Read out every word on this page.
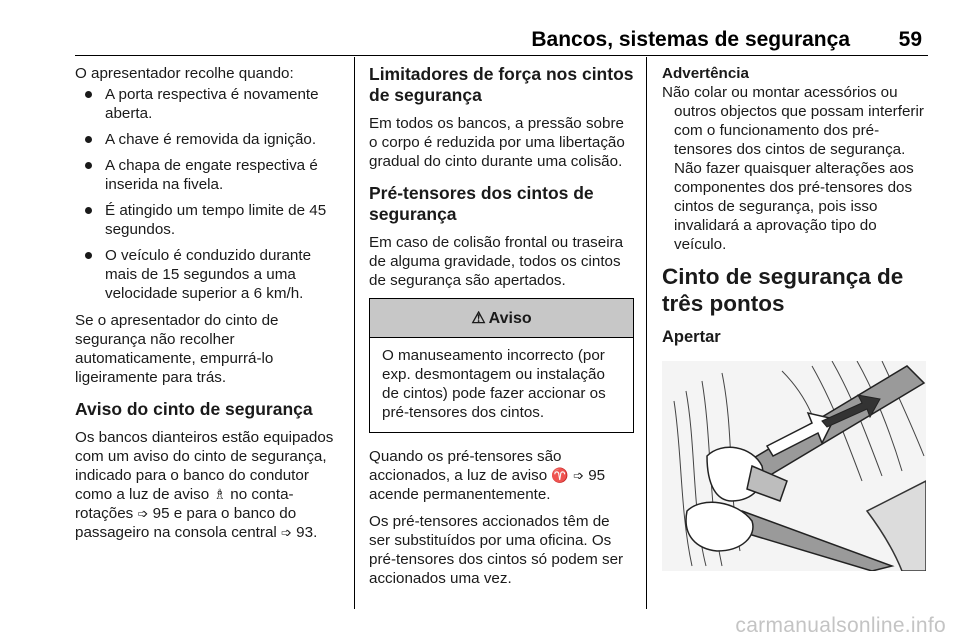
Bancos, sistemas de segurança 59

O apresentador recolhe quando:

A porta respectiva é novamente aberta.
A chave é removida da ignição.
A chapa de engate respectiva é inserida na fivela.
É atingido um tempo limite de 45 segundos.
O veículo é conduzido durante mais de 15 segundos a uma velocidade superior a 6 km/h.

Se o apresentador do cinto de segurança não recolher automaticamente, empurrá-lo ligeiramente para trás.

Aviso do cinto de segurança

Os bancos dianteiros estão equipados com um aviso do cinto de segurança, indicado para o banco do condutor como a luz de aviso ♗ no conta-rotações ➩ 95 e para o banco do passageiro na consola central ➩ 93.

Limitadores de força nos cintos de segurança

Em todos os bancos, a pressão sobre o corpo é reduzida por uma libertação gradual do cinto durante uma colisão.

Pré-tensores dos cintos de segurança

Em caso de colisão frontal ou traseira de alguma gravidade, todos os cintos de segurança são apertados.

⚠ Aviso
O manuseamento incorrecto (por exp. desmontagem ou instalação de cintos) pode fazer accionar os pré-tensores dos cintos.

Quando os pré-tensores são accionados, a luz de aviso ♈ ➩ 95 acende permanentemente.

Os pré-tensores accionados têm de ser substituídos por uma oficina. Os pré-tensores dos cintos só podem ser accionados uma vez.

Advertência
Não colar ou montar acessórios ou outros objectos que possam interferir com o funcionamento dos pré-tensores dos cintos de segurança. Não fazer quaisquer alterações aos componentes dos pré-tensores dos cintos de segurança, pois isso invalidará a aprovação tipo do veículo.
Cinto de segurança de três pontos
Apertar
carmanualsonline.info
